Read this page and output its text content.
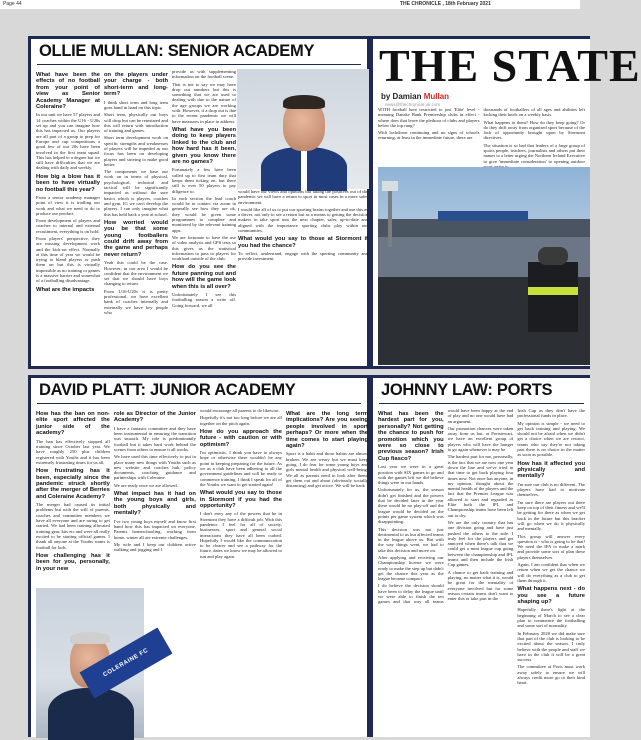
Page 44	THE CHRONICLE , 18th February 2021
OLLIE MULLAN: SENIOR ACADEMY
What have been the effects of no football from your point of view as Senior Academy Manager at Coleraine?

In our unit we have 57 players and 14 coaches within the U16 - U20s set up and you can imagine how this has impacted us. Our players are all part of a group to prep for Europe and cup competitions a good few of our 20s have been involved in the first team squad. This has helped to a degree but we still have difficulties that we are dealing with daily and weekly.

How big a blow has it been to have virtually no football this year?

From a senior academy manager point of view it is trialling our work and what we need to do to produce our product.

From development of players and coaches to internal and external recruitment, everything is on hold.

From players' perspective, they are missing development work and the kick-on effect. Normally at this time of year we would be trying to blend players or push them on but this is virtually impossible as no training or games is a massive barrier and somewhat of a footballing disadvantage.

What are the impacts
on the players under your charge - both short-term and long-term?

I think short term and long term goes hand in hand on this topic.

Short term, physically our boys will drop but can be reinstated and this will return with introduction of training and games.

Short term development work on specific strengths and weaknesses of players will be impeded as our focus has been on developing players and striving to make good better.

The components we base our work on in terms of physical, psychological, technical and tactical will be significantly impacted as without the sure basics which is players, coaches and gym, IG we can't develop the players. I can only imagine what this has held back a year at school.

How worried would you be that some young footballers could drift away from the game and perhaps never return?

Yeah this could be the case. However, in our area I would be confident that the environment we set that we should have boys changing to return.

From U16-U20s it is pretty professional, we have excellent bank of coaches internally and externally we have key people who

provide us with supplementing information on the football scene.

That is not to say we may have drop out numbers but this is something that we are used to dealing with due to the nature of the age groups we are working with. However, if a drop out is due to the recent pandemic we will have measures in place to address.

What have you been doing to keep players linked to the club and how hard has it been, given you know there are no games?

Fortunately a few have been called up to first team duty that keeps them ticking on, but there still is over 50 players to pay diligence to.

In each section the lead coach would be in contact via zoom in generally see how they are ok, they would be given some programmes to complete and monitored by the relevant training apps.

We are fortunate to have the use of video analysis and GPS tests so this gives us the statistical information to pass to players for workload outside of the club.

How do you see the future panning out and how will the game look when this is all over?

Unfortunately I see this footballing season a write off. Going forward, we all

would have our views and opinions but taking the positives out of the pandemic we will have a return to sport in most cases in a more safer environment.

I would like all of us to put our sporting brains together and use this as a driver, not only to see a return but as a means to getting the decision makers to take sport into the next chapter, safer, up-to-date and aligned with the importance sporting clubs play within our communities.

What would you say to those at Stormont if you had the chance?

To reflect, understand, engage with the sporting community and provide investment.

THE STATE
by Damian Mullan
news@thechronicle.uk.com

WITH football here restricted to just 'Elite' level - meaning Danske Bank Premiership clubs in effect - where does that leave the plethora of clubs and players below the top rung?

With lockdown continuing and no signs of schools returning, at least in the immediate future, there are

thousands of footballers of all ages and abilities left kicking their heels on a weekly basis.

What happens to them? How do they keep going? Or do they drift away from organised sport because of the lack of opportunity brought upon by Stormont directives.

The situation is so bad that leaders of a large group of sports people, teachers, journalists and others put their names to a letter urging the Northern Ireland Executive to give 'immediate consideration' to opening outdoor

DAVID PLATT: JUNIOR ACADEMY
How has the ban on non-elite sport affected the junior side of the academy?

The ban has effectively stopped all training since October last year. We have roughly 250 plus children registered with Youths and it has been extremely frustrating times for us all.

How frustrating has it been, especially since the pandemic struck shortly after the merger of Berries and Coleraine Academy?

The merger had caused its initial problems but with the will of parents, coaches and committee members we have all everyone and are raring to get started. We had been training allocated training gear, kits etc and were all really excited to be starting official games. I thank all anyone at the Youths wants is football for kids.

How challenging has it been for you, personally, in your new
role as Director of the Junior Academy?

I have a fantastic committee and they have been instrumental in ensuring the transition was smooth. My role is predominantly football but it takes hard work behind the scenes from others to ensure it all works.

We have used this time effectively to put in place many new things with Youths such as new website and coaches hub, policy documents, coaching guidance and partnerships with Coleraine.

We are ready once we are allowed.

What impact has it had on the young boys and girls, both physically and mentally?

I've two young boys myself and know first hand how this has impacted on everyone. Parents homeschooling, working from home, winter all are extreme challenges.

My wife and I keep our children active walking and jogging and I

would encourage all parents to do likewise.

Hopefully it's not too long before we are all together on the pitch again.

How do you approach the future - with caution or with optimism?

I'm optimistic, I think you have to always hope or otherwise there wouldn't be any point in keeping preparing for the future. As we as a club have been adhering to all the government guidelines and will be ready to commence training. I think I speak for all of the Youths we want to get started again!

What would you say to those in Stormont if you had the opportunity?

I don't envy any of the powers that be in Stormont they have a difficult job. With this pandemic I feel for all of society, businesses, sport and general social interactions they have all been curbed. Hopefully I would like the communication to be clearer and see a pathway for the future, dates we know we may be allowed to run and play again.

What are the long term implications? Are you seeing people involved in sport perhaps? Or more when the time comes to start playing again?

Sport is a habit and those habits are almost broken. We are weary but we must keep going. I do fear for some young boys and girls mental health and physical well-being. We all as parents need to look after them, get them out and about (obviously socially distancing) and get active. We will be back

COLERAINE FC
JOHNNY LAW: PORTS
What has been the hardest part for you, personally? Not getting the chance to push for promotion which you were so close to previous season? Irish Cup fiasco?

Last year we were in a great position with SIX games to go and with the games left we did believe things were in our hands.

Unfortunately for us, the season didn't get finished and the powers that be decided later in the year there would be no play-off and the league would be decided on the points per game system which was disappointing.

This decision was not just detrimental to us but affected teams in the league above us. But with the way things went, we had to take this decision and move on.

After applying and receiving our Championship license we were ready to make the step up but didn't get the chance this year as the league became compact.

I do believe the decision should have been to delay the league until we were able to finish the ten games and that way all teams would have been happy at the end of play and no one would have had an argument.

Our promotion chances were taken away from us but, at Portstewart, we have an excellent group of players who will have the hunger to go again whenever it may be.

The hardest part for me, personally, is the fact that we are now one year down the line and we've tried in that time to get back playing four times now. Not once has anyone, in my opinion, thought about the mental health of the players and the fact that the Premier League was allowed to start and regarded as Elite both the IPL and Championship teams have been left out to dry.

We are the only country that has one division going and have just pushed the others to the side. I truly feel for the players and get annoyed when there's talk that we could get a mini league cup going between the championship and IPL teams and then include the Irish Cup games.

A chance to get back training and playing, no matter what it is, would be great for the mentality of everyone involved but for some reason certain teams don't want to enter this or take part in the

Irish Cup as they don't have the professional funds in place.

My opinion is simple - we need to get back training and playing. We should not be afraid when we didn't get a choice when we are restrict, teams who say they're not taking part there is no choice in the matter as soon as possible.

How has it affected you physically and mentally?

I'm sure our club is no different. The players have had to motivate themselves.

I'm sure there are players out there keep on top of their fitness and we'll be getting for there as when we get back in the future but this bracket will go when we do it physically and mentally.

This group will answer every question is - who is going to be that! We need the IFA to make a mark and provide some sort of plan these players themselves.

Again, I am confident that when we return when we get the chance we will do everything as a club to get them through it.

What happens next - do you see a future shaping up?

Hopefully there's light at the beginning of March to see a clear plan to commence the footballing and some sort of normality.

In February 2020 we did make sure that part of the club is looking to be excited about the season. I truly believe with the people and staff we have in the club it will be a great success.

The committee at Ports must work away safely to ensure we will always credit more go to their kind heart.
